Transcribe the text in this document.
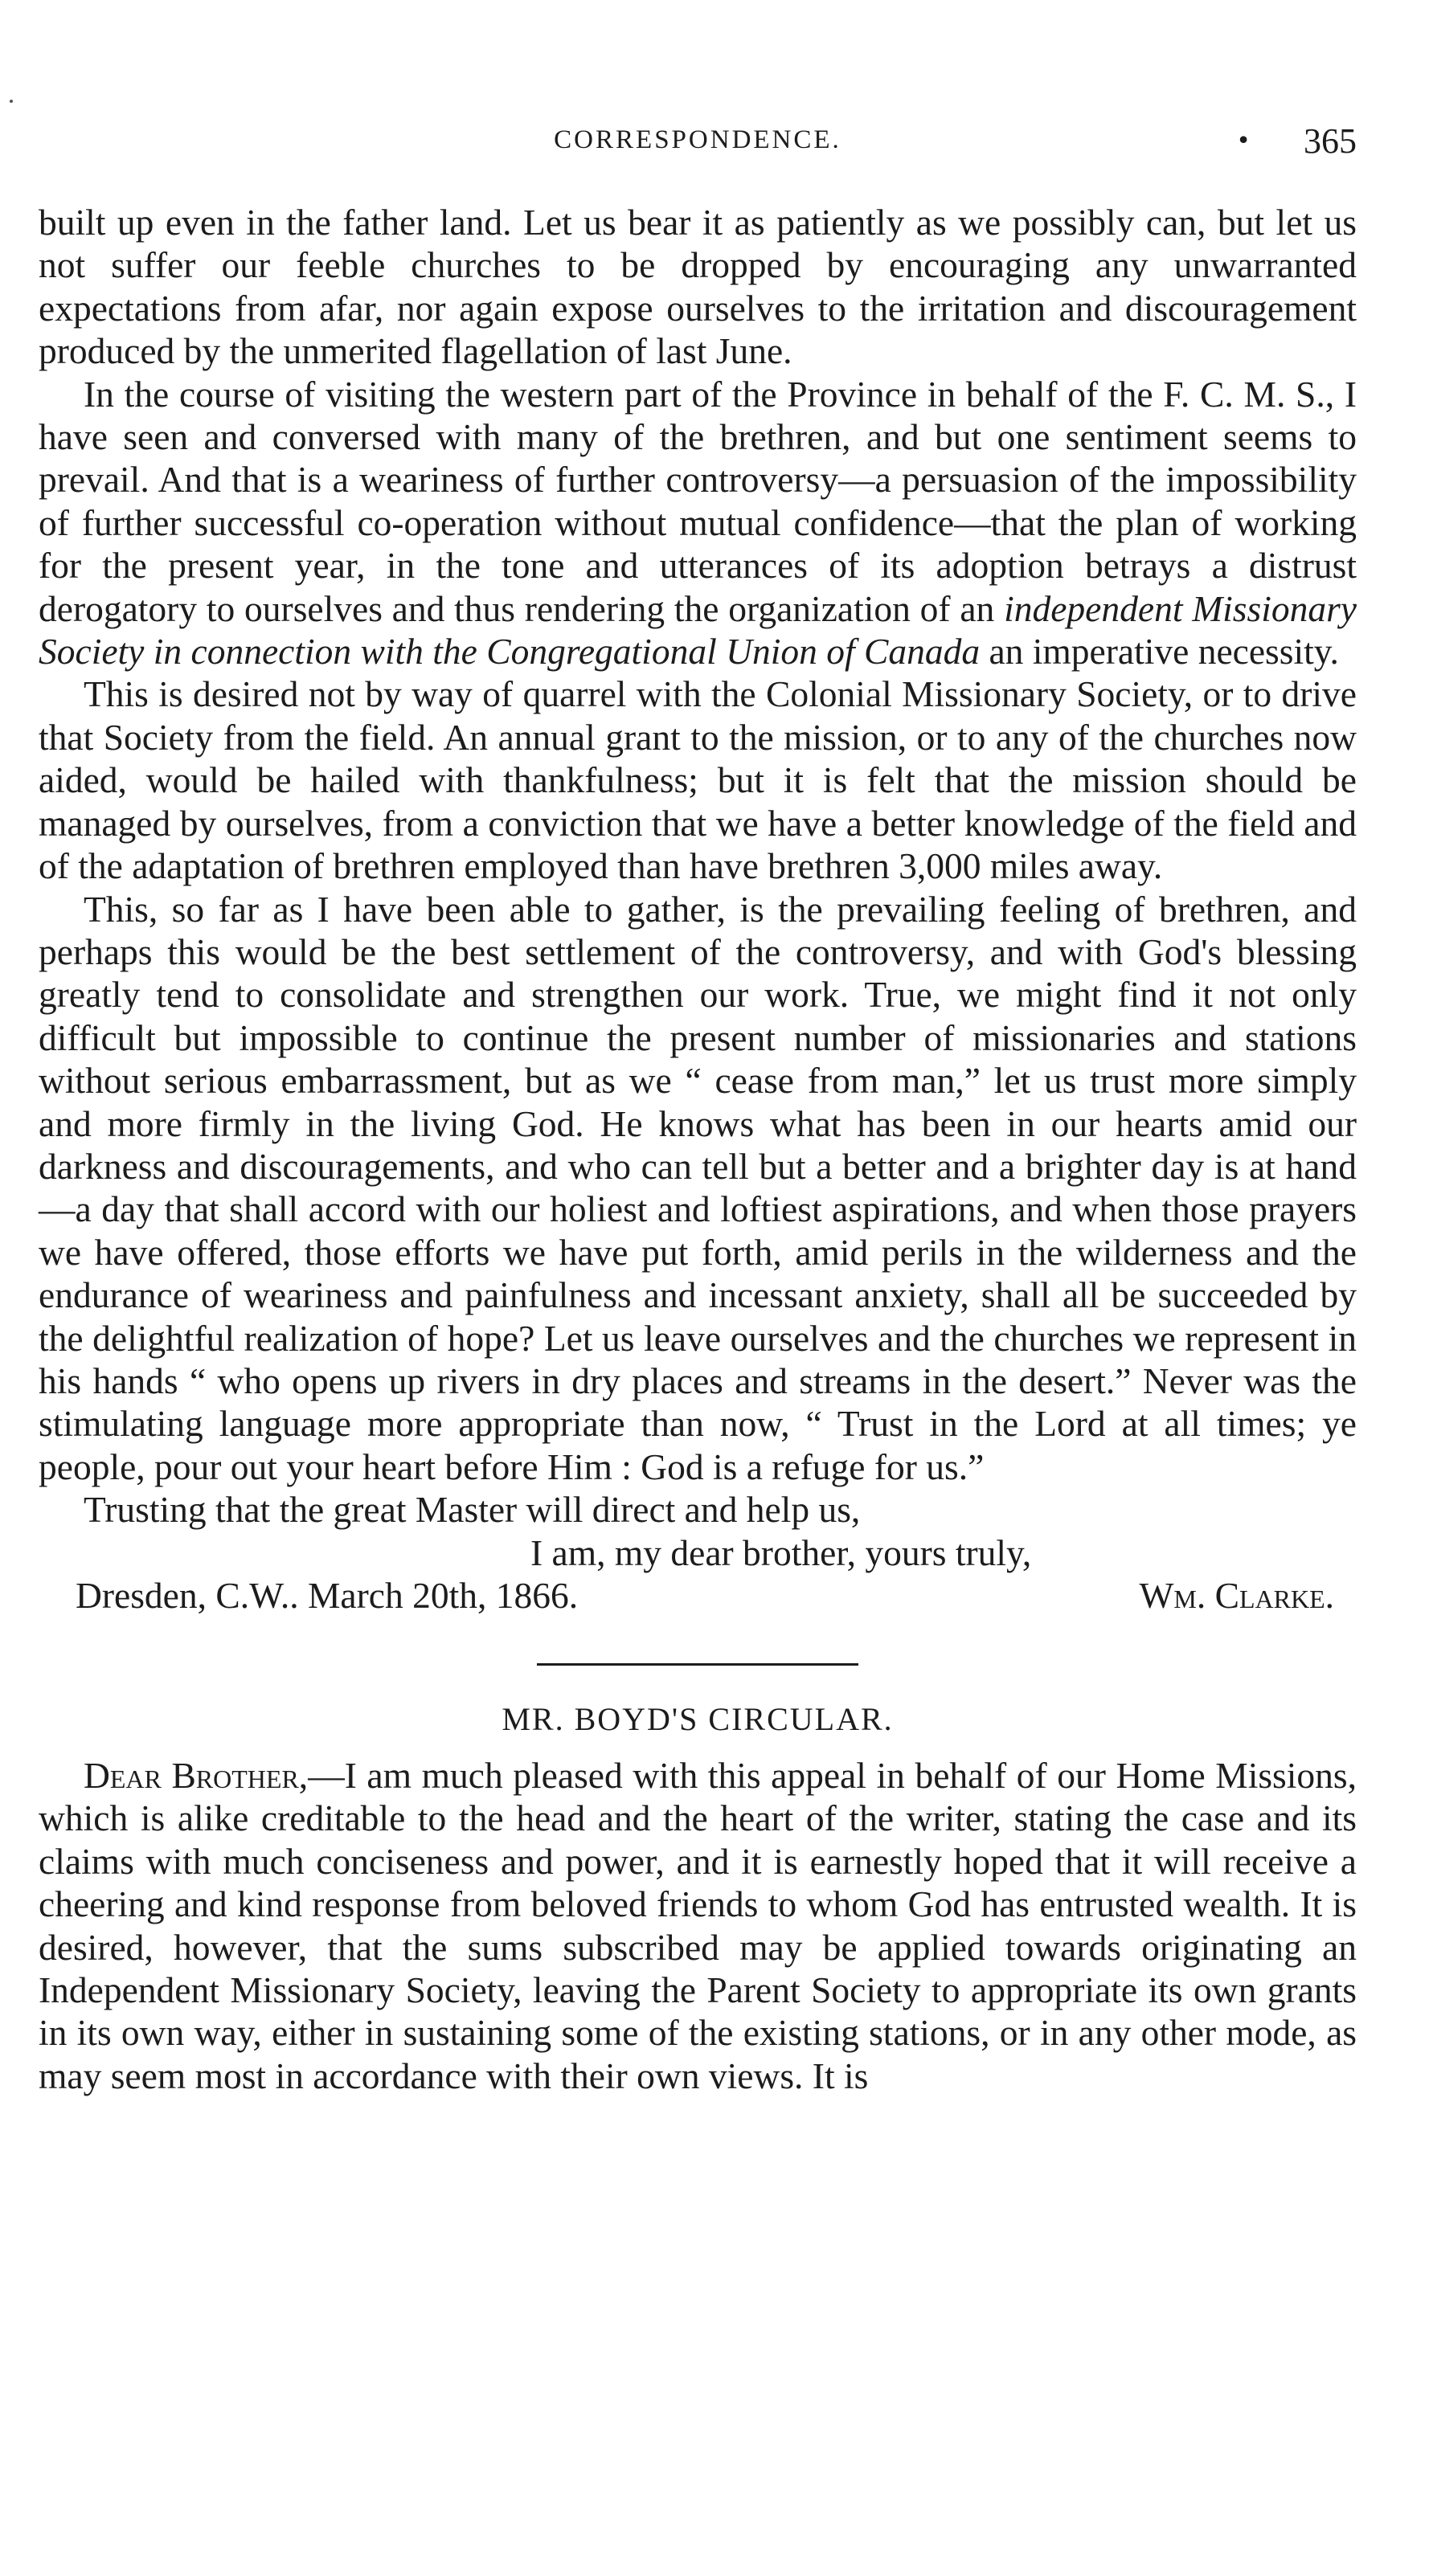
CORRESPONDENCE.	• 365

built up even in the father land. Let us bear it as patiently as we possibly can, but let us not suffer our feeble churches to be dropped by encouraging any unwarranted expectations from afar, nor again expose ourselves to the irritation and discouragement produced by the unmerited flagellation of last June.

In the course of visiting the western part of the Province in behalf of the F. C. M. S., I have seen and conversed with many of the brethren, and but one sentiment seems to prevail. And that is a weariness of further controversy—a persuasion of the impossibility of further successful co-operation without mutual confidence—that the plan of working for the present year, in the tone and utterances of its adoption betrays a distrust derogatory to ourselves and thus rendering the organization of an independent Missionary Society in connection with the Congregational Union of Canada an imperative necessity.

This is desired not by way of quarrel with the Colonial Missionary Society, or to drive that Society from the field. An annual grant to the mission, or to any of the churches now aided, would be hailed with thankfulness; but it is felt that the mission should be managed by ourselves, from a conviction that we have a better knowledge of the field and of the adaptation of brethren employed than have brethren 3,000 miles away.

This, so far as I have been able to gather, is the prevailing feeling of brethren, and perhaps this would be the best settlement of the controversy, and with God's blessing greatly tend to consolidate and strengthen our work. True, we might find it not only difficult but impossible to continue the present number of missionaries and stations without serious embarrassment, but as we “ cease from man,” let us trust more simply and more firmly in the living God. He knows what has been in our hearts amid our darkness and discouragements, and who can tell but a better and a brighter day is at hand —a day that shall accord with our holiest and loftiest aspirations, and when those prayers we have offered, those efforts we have put forth, amid perils in the wilderness and the endurance of weariness and painfulness and incessant anxiety, shall all be succeeded by the delightful realization of hope? Let us leave ourselves and the churches we represent in his hands “ who opens up rivers in dry places and streams in the desert.” Never was the stimulating language more appropriate than now, “ Trust in the Lord at all times; ye people, pour out your heart before Him : God is a refuge for us.”

Trusting that the great Master will direct and help us,

I am, my dear brother, yours truly,

Dresden, C.W.. March 20th, 1866.	Wm. Clarke.
MR. BOYD'S CIRCULAR.

Dear Brother,—I am much pleased with this appeal in behalf of our Home Missions, which is alike creditable to the head and the heart of the writer, stating the case and its claims with much conciseness and power, and it is earnestly hoped that it will receive a cheering and kind response from beloved friends to whom God has entrusted wealth. It is desired, however, that the sums subscribed may be applied towards originating an Independent Missionary Society, leaving the Parent Society to appropriate its own grants in its own way, either in sustaining some of the existing stations, or in any other mode, as may seem most in accordance with their own views. It is
